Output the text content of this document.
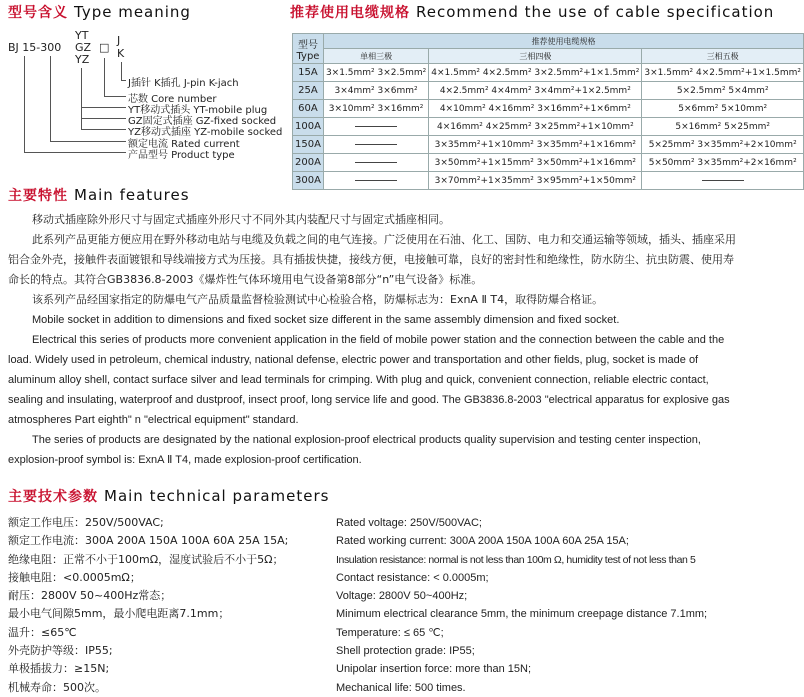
型号含义 Type meaning
BJ 15-300
YT
GZ
YZ
□
J
K
J插针 K插孔 J-pin K-jach
芯数 Core number
YT移动式插头 YT-mobile plug
GZ固定式插座 GZ-fixed socked
YZ移动式插座 YZ-mobile socked
额定电流 Rated current
产品型号 Product type
推荐使用电缆规格 Recommend the use of cable specification
型号
Type	推荐使用电缆规格		
	单相三极	三相四极	三相五极
15A	3×1.5mm² 3×2.5mm²	4×1.5mm² 4×2.5mm² 3×2.5mm²+1×1.5mm²	3×1.5mm² 4×2.5mm²+1×1.5mm²
25A	3×4mm² 3×6mm²	4×2.5mm² 4×4mm² 3×4mm²+1×2.5mm²	5×2.5mm² 5×4mm²
60A	3×10mm² 3×16mm²	4×10mm² 4×16mm² 3×16mm²+1×6mm²	5×6mm² 5×10mm²
100A		4×16mm² 4×25mm² 3×25mm²+1×10mm²	5×16mm² 5×25mm²
150A		3×35mm²+1×10mm² 3×35mm²+1×16mm²	5×25mm² 3×35mm²+2×10mm²
200A		3×50mm²+1×15mm² 3×50mm²+1×16mm²	5×50mm² 3×35mm²+2×16mm²
300A		3×70mm²+1×35mm² 3×95mm²+1×50mm²	
主要特性 Main features

移动式插座除外形尺寸与固定式插座外形尺寸不同外其内装配尺寸与固定式插座相同。

此系列产品更能方便应用在野外移动电站与电缆及负载之间的电气连接。广泛使用在石油、化工、国防、电力和交通运输等领域，插头、插座采用铝合金外壳，接触件表面镀银和导线端接方式为压接。具有插拔快捷，接线方便，电接触可靠，良好的密封性和绝缘性，防水防尘、抗虫防震、使用寿命长的特点。其符合GB3836.8-2003《爆炸性气体环境用电气设备第8部分“n”电气设备》标准。

该系列产品经国家指定的防爆电气产品质量监督检验测试中心检验合格，防爆标志为：ExnA Ⅱ T4，取得防爆合格证。

Mobile socket in addition to dimensions and fixed socket size different in the same assembly dimension and fixed socket.

Electrical this series of products more convenient application in the field of mobile power station and the connection between the cable and the load. Widely used in petroleum, chemical industry, national defense, electric power and transportation and other fields, plug, socket is made of aluminum alloy shell, contact surface silver and lead terminals for crimping. With plug and quick, convenient connection, reliable electric contact, sealing and insulating, waterproof and dustproof, insect proof, long service life and good. The GB3836.8-2003 "electrical apparatus for explosive gas atmospheres Part eighth" n "electrical equipment" standard.

The series of products are designated by the national explosion-proof electrical products quality supervision and testing center inspection, explosion-proof symbol is: ExnA Ⅱ T4, made explosion-proof certification.

主要技术参数 Main technical parameters
额定工作电压：250V/500VAC;
额定工作电流：300A 200A 150A 100A 60A 25A 15A;
绝缘电阻：正常不小于100mΩ，湿度试验后不小于5Ω；
接触电阻：<0.0005mΩ；
耐压：2800V 50~400Hz常态；
最小电气间隙5mm，最小爬电距离7.1mm；
温升：≤65℃
外壳防护等级：IP55;
单极插拔力：≥15N;
机械寿命：500次。
Rated voltage: 250V/500VAC;
Rated working current: 300A 200A 150A 100A 60A 25A 15A;
Insulation resistance: normal is not less than 100m Ω, humidity test of not less than 5
Contact resistance: < 0.0005m;
Voltage: 2800V 50~400Hz;
Minimum electrical clearance 5mm, the minimum creepage distance 7.1mm;
Temperature: ≤ 65 ℃;
Shell protection grade: IP55;
Unipolar insertion force: more than 15N;
Mechanical life: 500 times.
